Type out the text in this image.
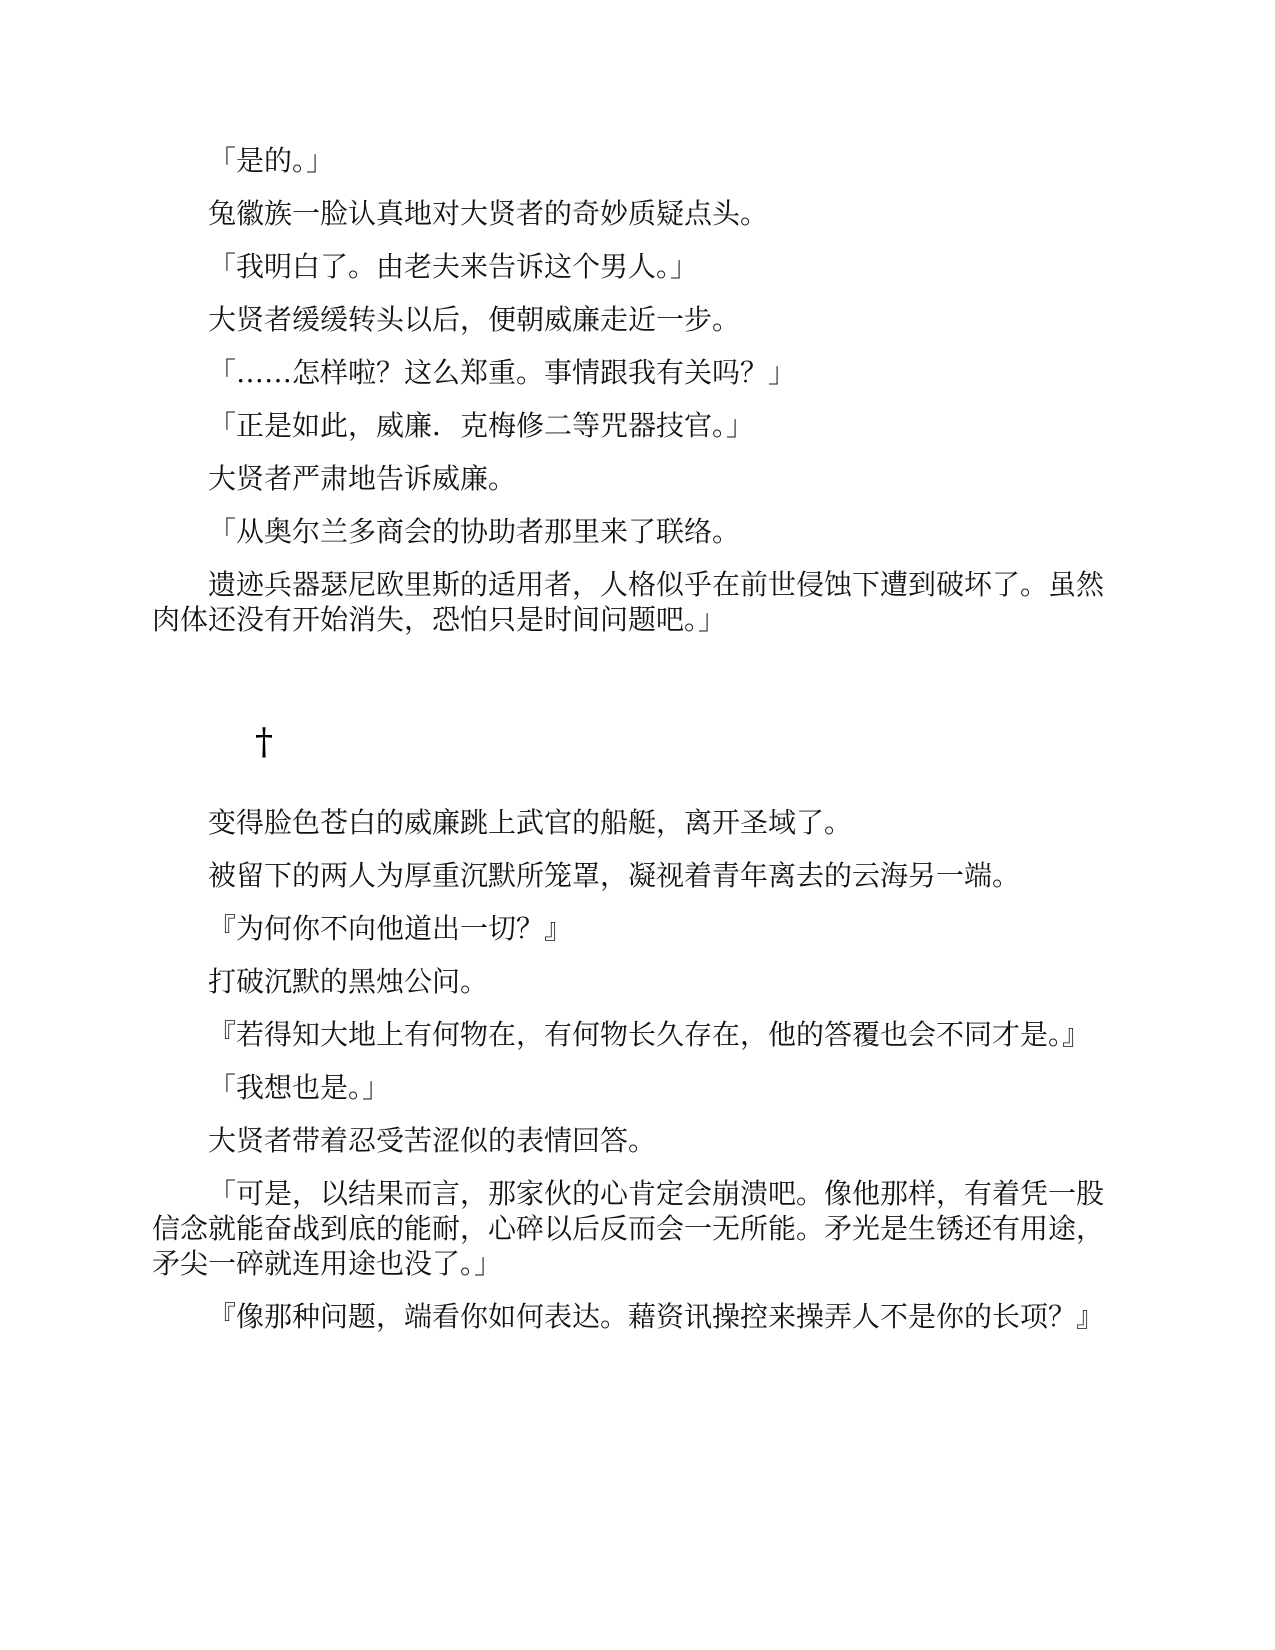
「是的。」

兔徽族一脸认真地对大贤者的奇妙质疑点头。

「我明白了。由老夫来告诉这个男人。」

大贤者缓缓转头以后，便朝威廉走近一步。

「……怎样啦？这么郑重。事情跟我有关吗？」

「正是如此，威廉．克梅修二等咒器技官。」

大贤者严肃地告诉威廉。

「从奥尔兰多商会的协助者那里来了联络。

遗迹兵器瑟尼欧里斯的适用者，人格似乎在前世侵蚀下遭到破坏了。虽然肉体还没有开始消失，恐怕只是时间问题吧。」

†

变得脸色苍白的威廉跳上武官的船艇，离开圣域了。

被留下的两人为厚重沉默所笼罩，凝视着青年离去的云海另一端。

『为何你不向他道出一切？』

打破沉默的黑烛公问。

『若得知大地上有何物在，有何物长久存在，他的答覆也会不同才是。』

「我想也是。」

大贤者带着忍受苦涩似的表情回答。

「可是，以结果而言，那家伙的心肯定会崩溃吧。像他那样，有着凭一股信念就能奋战到底的能耐，心碎以后反而会一无所能。矛光是生锈还有用途，矛尖一碎就连用途也没了。」

『像那种问题，端看你如何表达。藉资讯操控来操弄人不是你的长项？』
